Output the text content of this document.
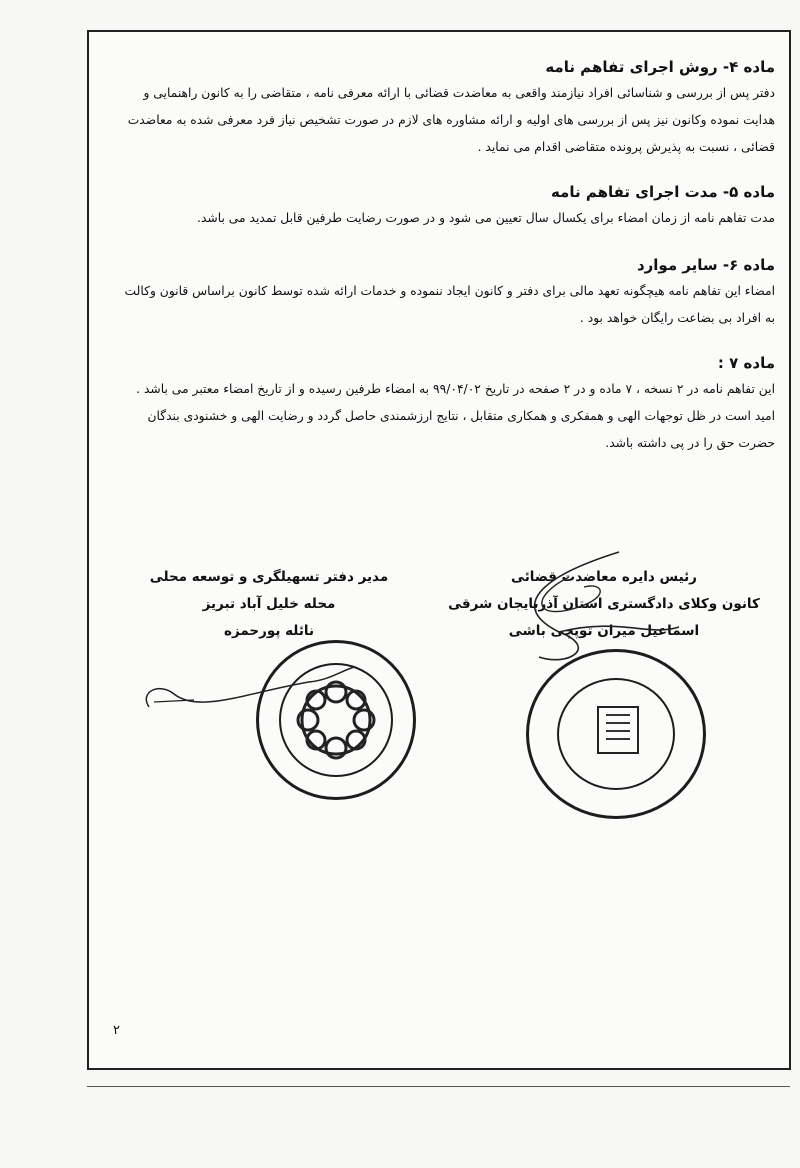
ماده ۴- روش اجرای تفاهم نامه
دفتر پس از بررسی و شناسائی افراد نیازمند واقعی به معاضدت قضائی با ارائه معرفی نامه ، متقاضی را به کانون راهنمایی و
هدایت نموده وکانون نیز پس از بررسی های اولیه و ارائه مشاوره های لازم در صورت تشخیص نیاز فرد معرفی شده به معاضدت
قضائی ، نسبت به پذیرش پرونده متقاضی اقدام می نماید .
ماده ۵- مدت اجرای تفاهم نامه
مدت تفاهم نامه از زمان امضاء برای یکسال سال تعیین می شود و در صورت رضایت طرفین قابل تمدید می باشد.
ماده ۶- سایر موارد
امضاء این تفاهم نامه هیچگونه تعهد مالی برای دفتر و کانون ایجاد ننموده و خدمات ارائه شده توسط کانون براساس قانون وکالت
به افراد بی بضاعت رایگان خواهد بود .
ماده ۷ :
این تفاهم نامه در ۲ نسخه ، ۷ ماده و در ۲ صفحه در تاریخ ۹۹/۰۴/۰۲ به امضاء طرفین رسیده و از تاریخ امضاء معتبر می باشد .
امید است در ظل توجهات الهی و همفکری و همکاری متقابل ، نتایج ارزشمندی حاصل گردد و رضایت الهی و خشنودی بندگان
حضرت حق را در پی داشته باشد.
رئیس دایره معاضدت قضائی
کانون وکلای دادگستری استان آذربایجان شرقی
اسماعیل میران توپچی باشی
مدیر دفتر تسهیلگری و توسعه محلی
محله خلیل آباد تبریز
نائله پورحمزه
۲
